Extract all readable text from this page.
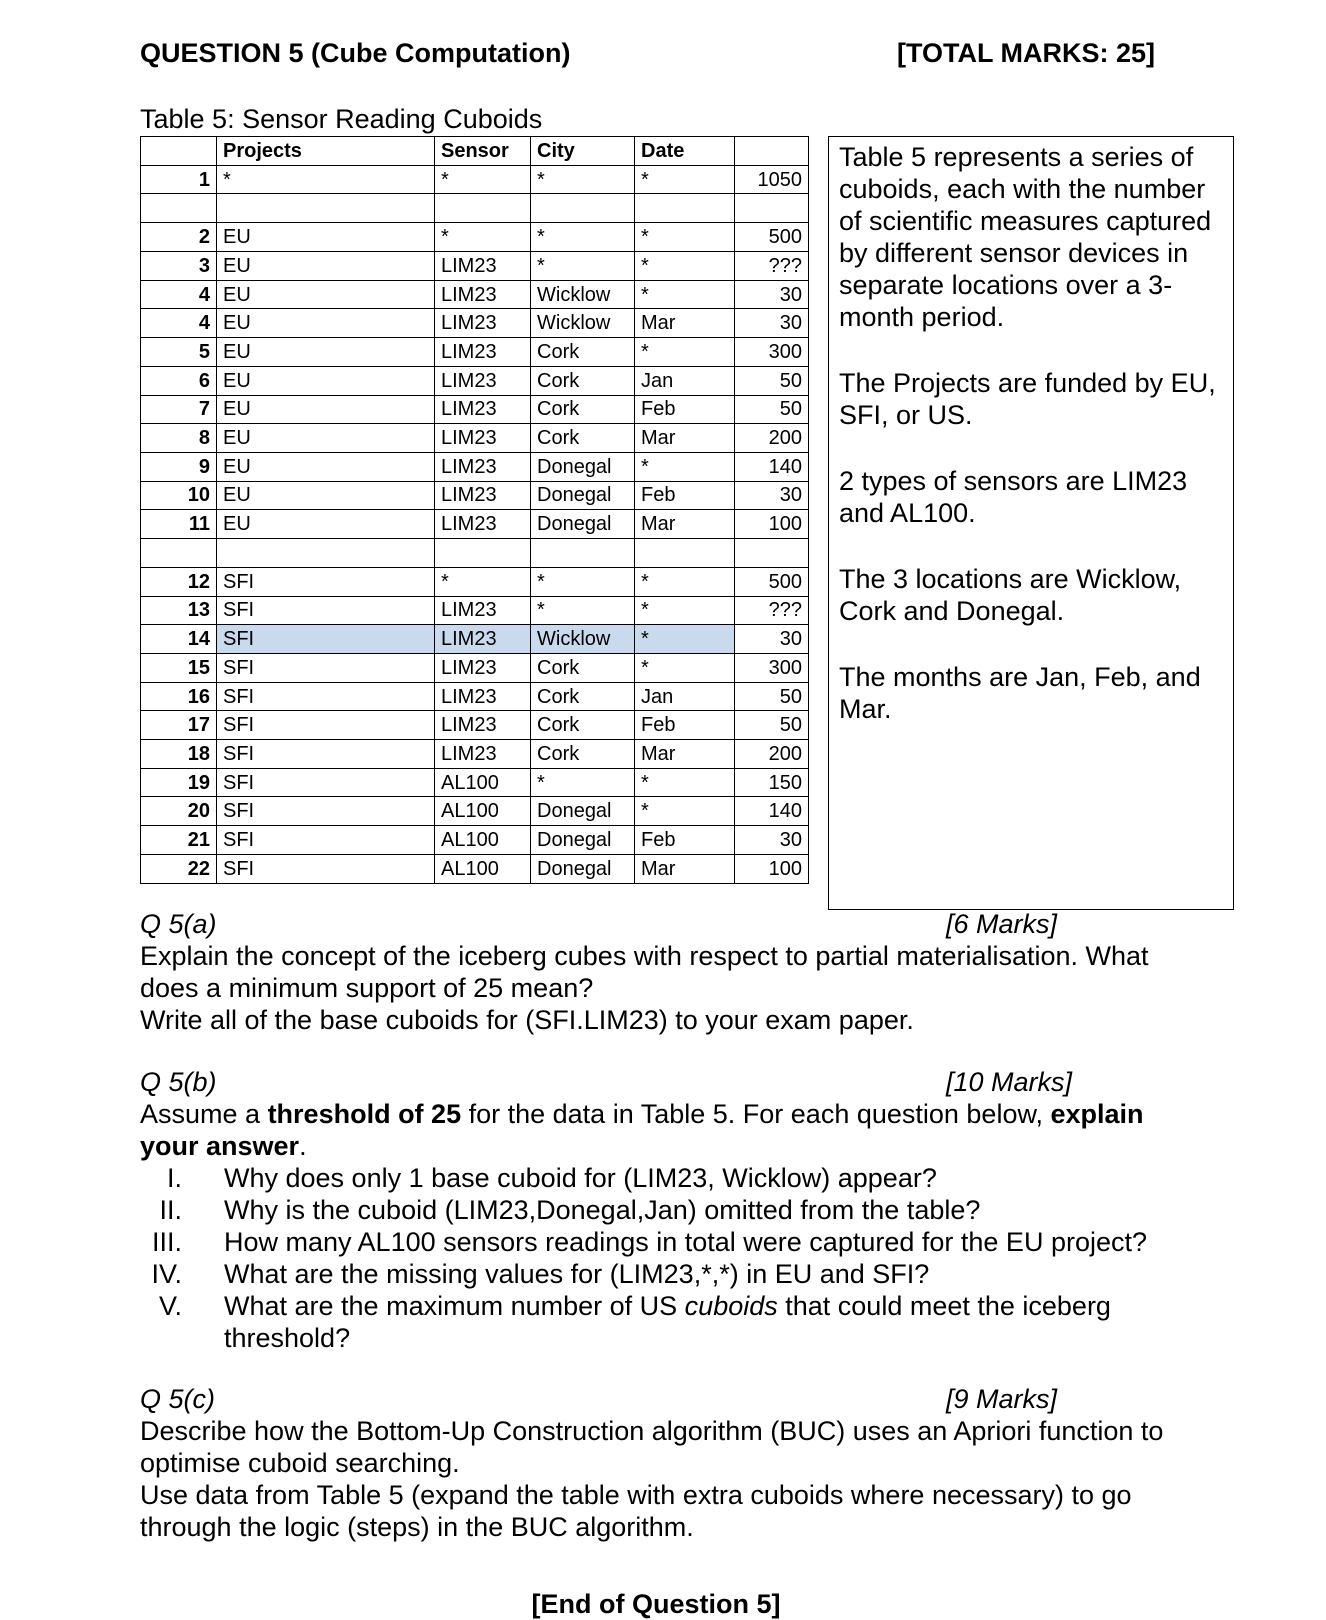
QUESTION 5 (Cube Computation)	[TOTAL MARKS: 25]
Table 5: Sensor Reading Cuboids
	Projects	Sensor	City	Date	
1	*	*	*	*	1050

2	EU	*	*	*	500
3	EU	LIM23	*	*	???
4	EU	LIM23	Wicklow	*	30
4	EU	LIM23	Wicklow	Mar	30
5	EU	LIM23	Cork	*	300
6	EU	LIM23	Cork	Jan	50
7	EU	LIM23	Cork	Feb	50
8	EU	LIM23	Cork	Mar	200
9	EU	LIM23	Donegal	*	140
10	EU	LIM23	Donegal	Feb	30
11	EU	LIM23	Donegal	Mar	100

12	SFI	*	*	*	500
13	SFI	LIM23	*	*	???
14	SFI	LIM23	Wicklow	*	30
15	SFI	LIM23	Cork	*	300
16	SFI	LIM23	Cork	Jan	50
17	SFI	LIM23	Cork	Feb	50
18	SFI	LIM23	Cork	Mar	200
19	SFI	AL100	*	*	150
20	SFI	AL100	Donegal	*	140
21	SFI	AL100	Donegal	Feb	30
22	SFI	AL100	Donegal	Mar	100

Table 5 represents a series of cuboids, each with the number of scientific measures captured by different sensor devices in separate locations over a 3-month period.

The Projects are funded by EU, SFI, or US.

2 types of sensors are LIM23 and AL100.

The 3 locations are Wicklow, Cork and Donegal.

The months are Jan, Feb, and Mar.

Q 5(a)	[6 Marks]

Explain the concept of the iceberg cubes with respect to partial materialisation. What does a minimum support of 25 mean?

Write all of the base cuboids for (SFI.LIM23) to your exam paper.

Q 5(b)	[10 Marks]

Assume a threshold of 25 for the data in Table 5. For each question below, explain your answer.

I. Why does only 1 base cuboid for (LIM23, Wicklow) appear?
II. Why is the cuboid (LIM23,Donegal,Jan) omitted from the table?
III. How many AL100 sensors readings in total were captured for the EU project?
IV. What are the missing values for (LIM23,*,*) in EU and SFI?
V. What are the maximum number of US cuboids that could meet the iceberg threshold?
Q 5(c)	[9 Marks]

Describe how the Bottom-Up Construction algorithm (BUC) uses an Apriori function to optimise cuboid searching.

Use data from Table 5 (expand the table with extra cuboids where necessary) to go through the logic (steps) in the BUC algorithm.

[End of Question 5]
